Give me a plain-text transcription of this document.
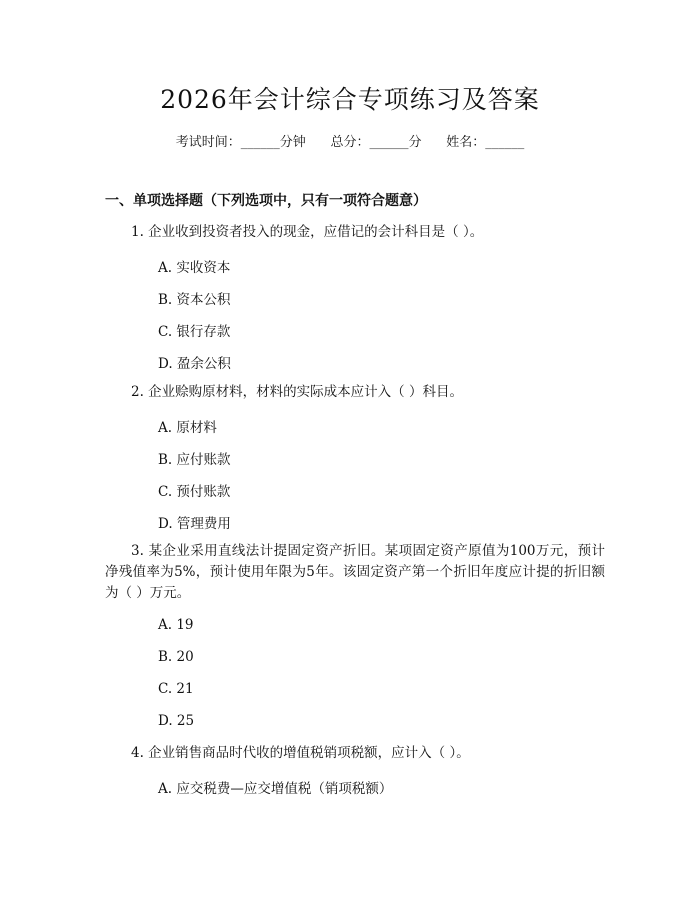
2026年会计综合专项练习及答案
考试时间：______分钟      总分：______分      姓名：______
一、单项选择题（下列选项中，只有一项符合题意）
1. 企业收到投资者投入的现金，应借记的会计科目是（ ）。
A. 实收资本
B. 资本公积
C. 银行存款
D. 盈余公积
2. 企业赊购原材料，材料的实际成本应计入（ ）科目。
A. 原材料
B. 应付账款
C. 预付账款
D. 管理费用
3. 某企业采用直线法计提固定资产折旧。某项固定资产原值为100万元，预计净残值率为5%，预计使用年限为5年。该固定资产第一个折旧年度应计提的折旧额为（ ）万元。
A. 19
B. 20
C. 21
D. 25
4. 企业销售商品时代收的增值税销项税额，应计入（ ）。
A. 应交税费—应交增值税（销项税额）
